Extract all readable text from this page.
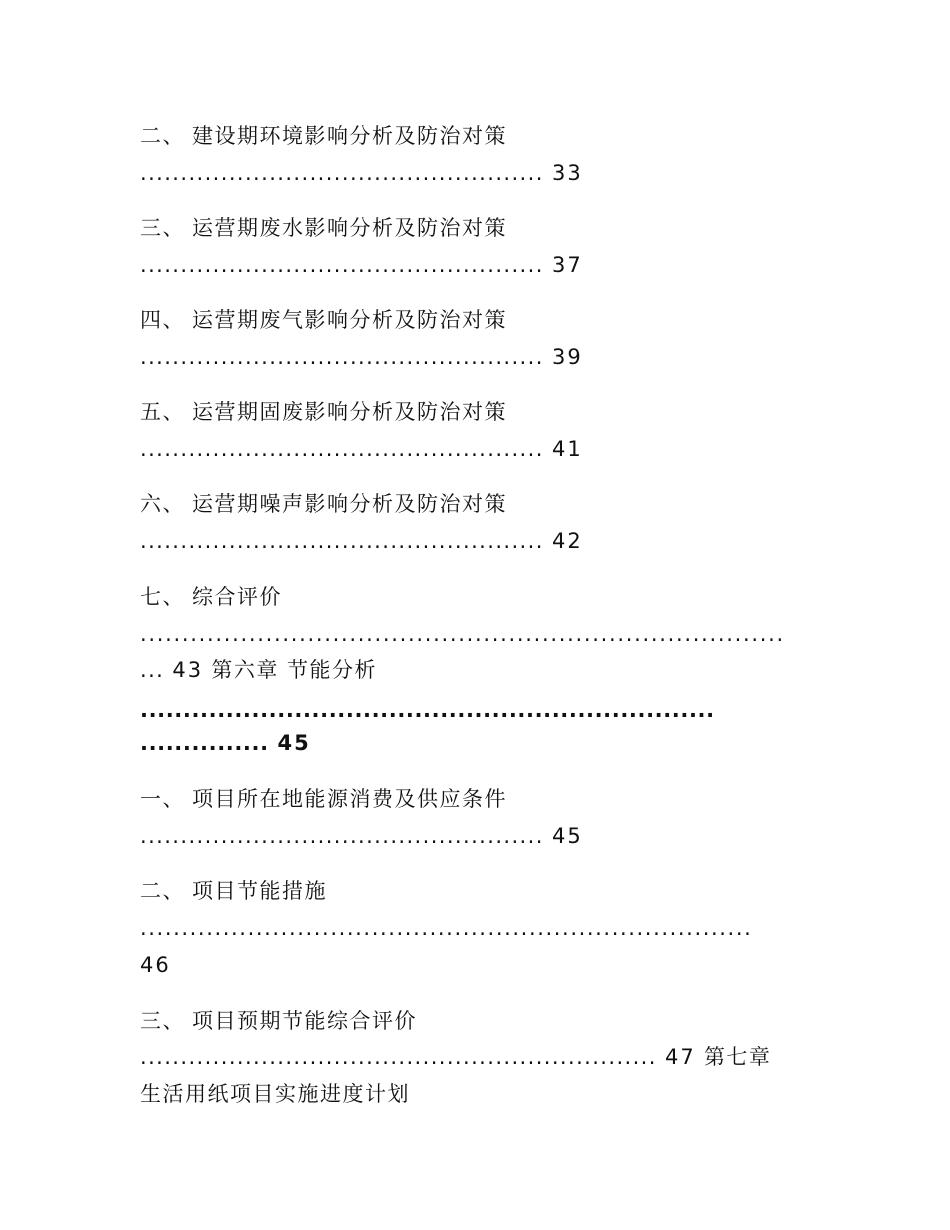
二、 建设期环境影响分析及防治对策
.................................................. 33
三、 运营期废水影响分析及防治对策
.................................................. 37
四、 运营期废气影响分析及防治对策
.................................................. 39
五、 运营期固废影响分析及防治对策
.................................................. 41
六、 运营期噪声影响分析及防治对策
.................................................. 42
七、 综合评价
.............................................................................
... 43 第六章 节能分析
...................................................................
............... 45
一、 项目所在地能源消费及供应条件
.................................................. 45
二、 项目节能措施
..........................................................................
46
三、 项目预期节能综合评价
................................................................ 47 第七章
生活用纸项目实施进度计划
